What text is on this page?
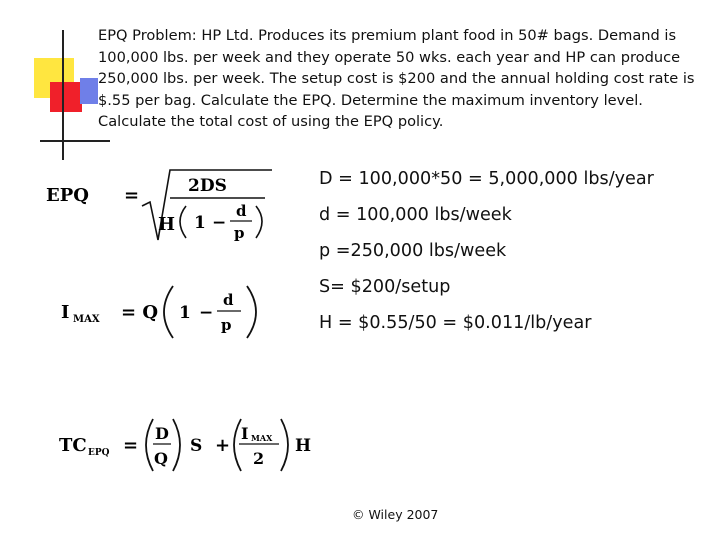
EPQ Problem: HP Ltd. Produces its premium plant food in 50# bags. Demand is 100,000 lbs. per week and they operate 50 wks. each year and HP can produce 250,000 lbs. per week. The setup cost is $200 and the annual holding cost rate is $.55 per bag. Calculate the EPQ. Determine the maximum inventory level. Calculate the total cost of using the EPQ policy.

EPQ =	2DS
H 1 −
d
p
I MAX = Q 1 −
d
p
TC EPQ =
D
Q
S +
I MAX
2
H
D = 100,000*50 = 5,000,000 lbs/year
d = 100,000 lbs/week
p =250,000 lbs/week
S= $200/setup
H = $0.55/50 = $0.011/lb/year
© Wiley 2007
